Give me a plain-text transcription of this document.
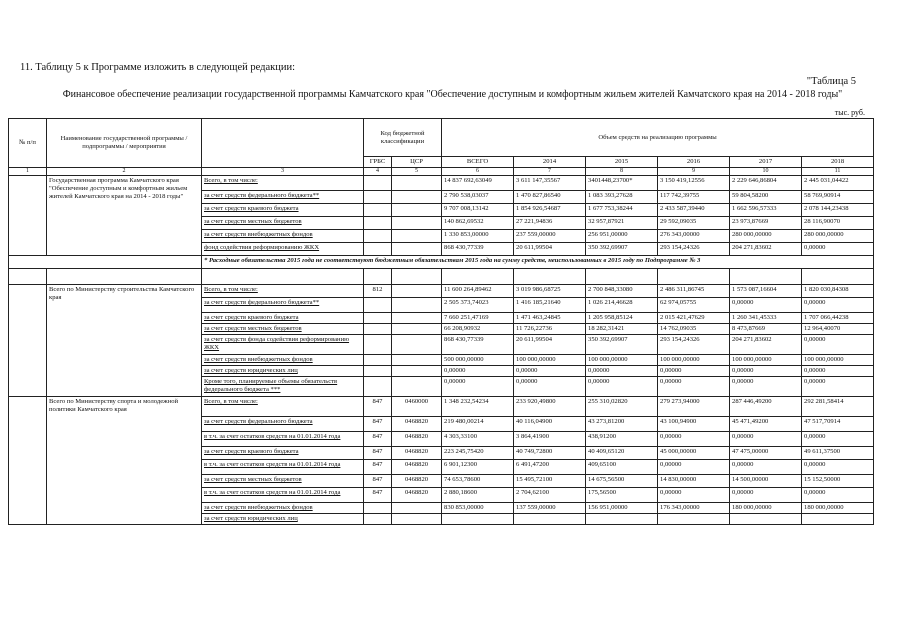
11. Таблицу 5 к Программе изложить в следующей редакции:
"Таблица 5
Финансовое обеспечение реализации государственной программы Камчатского края "Обеспечение доступным и комфортным жильем жителей Камчатского края на 2014 - 2018 годы"
тыс. руб.
№ п/п	Наименование государственной программы / подпрограммы / мероприятия		Код бюджетной классификации		Объем средств на реализацию программы					
			ГРБС	ЦСР	ВСЕГО	2014	2015	2016	2017	2018
1	2	3	4	5	6	7	8	9	10	11
	Государственная программа Камчатского края "Обеспечение доступным и комфортным жильем жителей Камчатского края на 2014 - 2018 годы"	Всего, в том числе:			14 837 692,63049	3 611 147,35567	3401448,23700*	3 150 419,12556	2 229 646,86804	2 445 031,04422
		за счет средств федерального бюджета**			2 790 538,03037	1 470 827,86540	1 083 393,27628	117 742,39755	59 804,58200	58 769,90914
		за счет средств краевого бюджета			9 707 008,13142	1 854 926,54687	1 677 753,38244	2 433 587,39440	1 662 596,57333	2 078 144,23438
		за счет средств местных бюджетов			140 862,69532	27 221,94836	32 957,87921	29 592,09035	23 973,87669	28 116,90070
		за счет средств внебюджетных фондов			1 330 853,00000	237 559,00000	256 951,00000	276 343,00000	280 000,00000	280 000,00000
		фонд содействия реформированию ЖКХ			868 430,77339	20 611,99504	350 392,69907	293 154,24326	204 271,83602	0,00000
		* Расходные обязательства 2015 года не соответствуют бюджетным обязательствам 2015 года на сумму средств, неиспользованных в 2015 году по Подпрограмме № 3								

	Всего по Министерству строительства Камчатского края	Всего, в том числе:	812		11 600 264,89462	3 019 986,68725	2 700 848,33080	2 486 311,86745	1 573 087,16604	1 820 030,84308
		за счет средств федерального бюджета**			2 505 373,74023	1 416 185,21640	1 026 214,46628	62 974,05755	0,00000	0,00000
		за счет средств краевого бюджета			7 660 251,47169	1 471 463,24845	1 205 958,85124	2 015 421,47629	1 260 341,45333	1 707 066,44238
		за счет средств местных бюджетов			66 208,90932	11 726,22736	18 282,31421	14 762,09035	8 473,87669	12 964,40070
		за счет средств фонда содействия реформированию ЖКХ			868 430,77339	20 611,99504	350 392,69907	293 154,24326	204 271,83602	0,00000
		за счет средств внебюджетных фондов			500 000,00000	100 000,00000	100 000,00000	100 000,00000	100 000,00000	100 000,00000
		за счет средств юридических лиц			0,00000	0,00000	0,00000	0,00000	0,00000	0,00000
		Кроме того, планируемые объемы обязательств федерального бюджета ***			0,00000	0,00000	0,00000	0,00000	0,00000	0,00000
	Всего по Министерству спорта и молодежной политики Камчатского края	Всего, в том числе:	847	0460000	1 348 232,54234	233 920,49800	255 310,02820	279 273,94000	287 446,49200	292 281,58414
		за счет средств федерального бюджета	847	0468820	219 480,00214	40 116,04900	43 273,81200	43 100,94900	45 471,49200	47 517,70914
		в т.ч. за счет остатков средств на 01.01.2014 года	847	0468820	4 303,33100	3 864,41900	438,91200	0,00000	0,00000	0,00000
		за счет средств краевого бюджета	847	0468820	223 245,75420	40 749,72800	40 409,65120	45 000,00000	47 475,00000	49 611,37500
		в т.ч. за счет остатков средств на 01.01.2014 года	847	0468820	6 901,12300	6 491,47200	409,65100	0,00000	0,00000	0,00000
		за счет средств местных бюджетов	847	0468820	74 653,78600	15 495,72100	14 675,56500	14 830,00000	14 500,00000	15 152,50000
		в т.ч. за счет остатков средств на 01.01.2014 года	847	0468820	2 880,18600	2 704,62100	175,56500	0,00000	0,00000	0,00000
		за счет средств внебюджетных фондов			830 853,00000	137 559,00000	156 951,00000	176 343,00000	180 000,00000	180 000,00000
		за счет средств юридических лиц								
